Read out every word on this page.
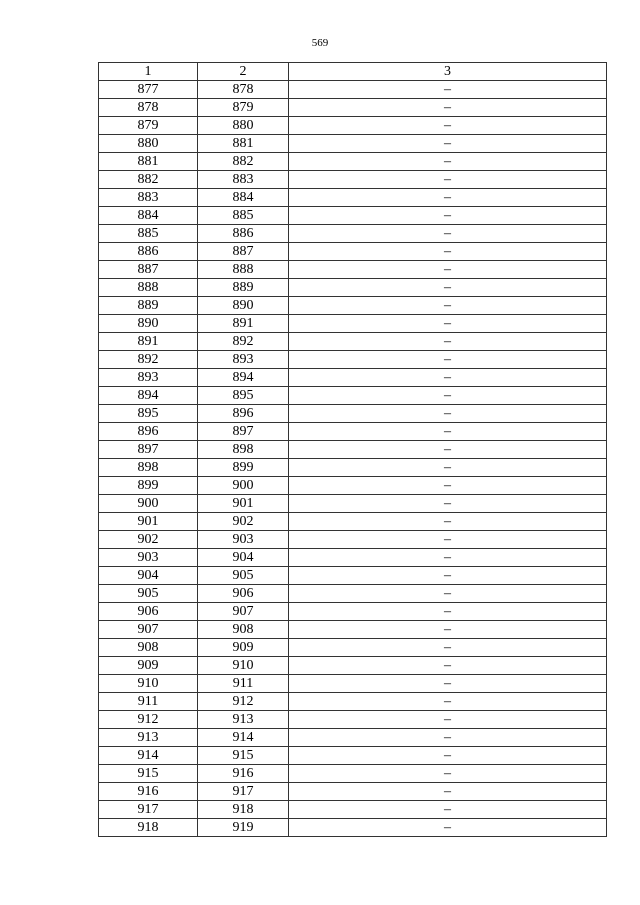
569
1	2	3
877	878	–
878	879	–
879	880	–
880	881	–
881	882	–
882	883	–
883	884	–
884	885	–
885	886	–
886	887	–
887	888	–
888	889	–
889	890	–
890	891	–
891	892	–
892	893	–
893	894	–
894	895	–
895	896	–
896	897	–
897	898	–
898	899	–
899	900	–
900	901	–
901	902	–
902	903	–
903	904	–
904	905	–
905	906	–
906	907	–
907	908	–
908	909	–
909	910	–
910	911	–
911	912	–
912	913	–
913	914	–
914	915	–
915	916	–
916	917	–
917	918	–
918	919	–
